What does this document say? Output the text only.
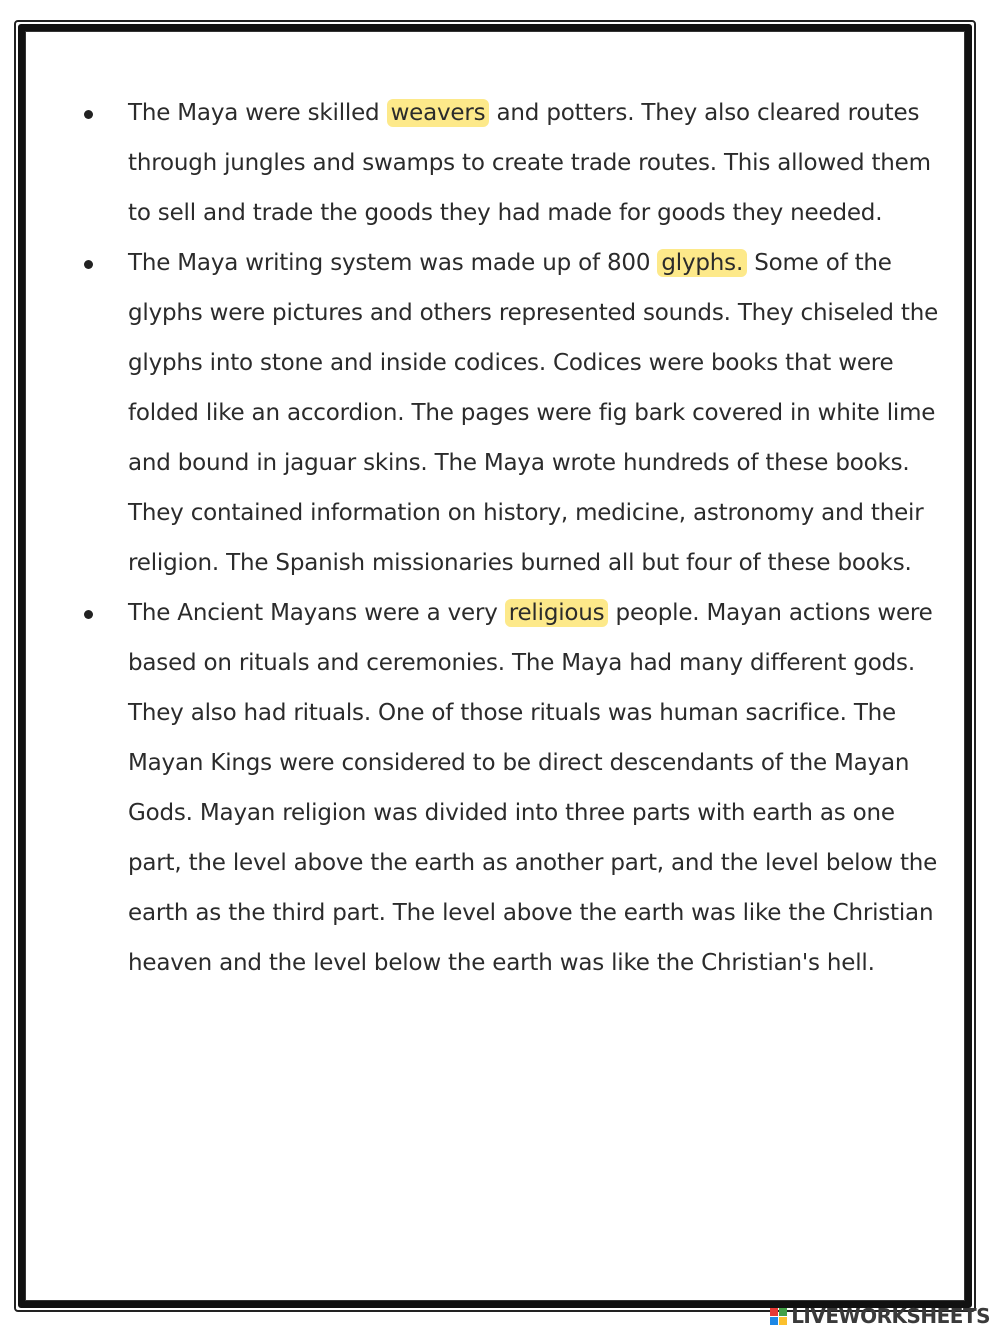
The Maya were skilled weavers and potters. They also cleared routes through jungles and swamps to create trade routes. This allowed them to sell and trade the goods they had made for goods they needed.
The Maya writing system was made up of 800 glyphs. Some of the glyphs were pictures and others represented sounds. They chiseled the glyphs into stone and inside codices. Codices were books that were folded like an accordion. The pages were fig bark covered in white lime and bound in jaguar skins. The Maya wrote hundreds of these books. They contained information on history, medicine, astronomy and their religion. The Spanish missionaries burned all but four of these books.
The Ancient Mayans were a very religious people. Mayan actions were based on rituals and ceremonies. The Maya had many different gods. They also had rituals. One of those rituals was human sacrifice. The Mayan Kings were considered to be direct descendants of the Mayan Gods. Mayan religion was divided into three parts with earth as one part, the level above the earth as another part, and the level below the earth as the third part. The level above the earth was like the Christian heaven and the level below the earth was like the Christian's hell.
LIVEWORKSHEETS
